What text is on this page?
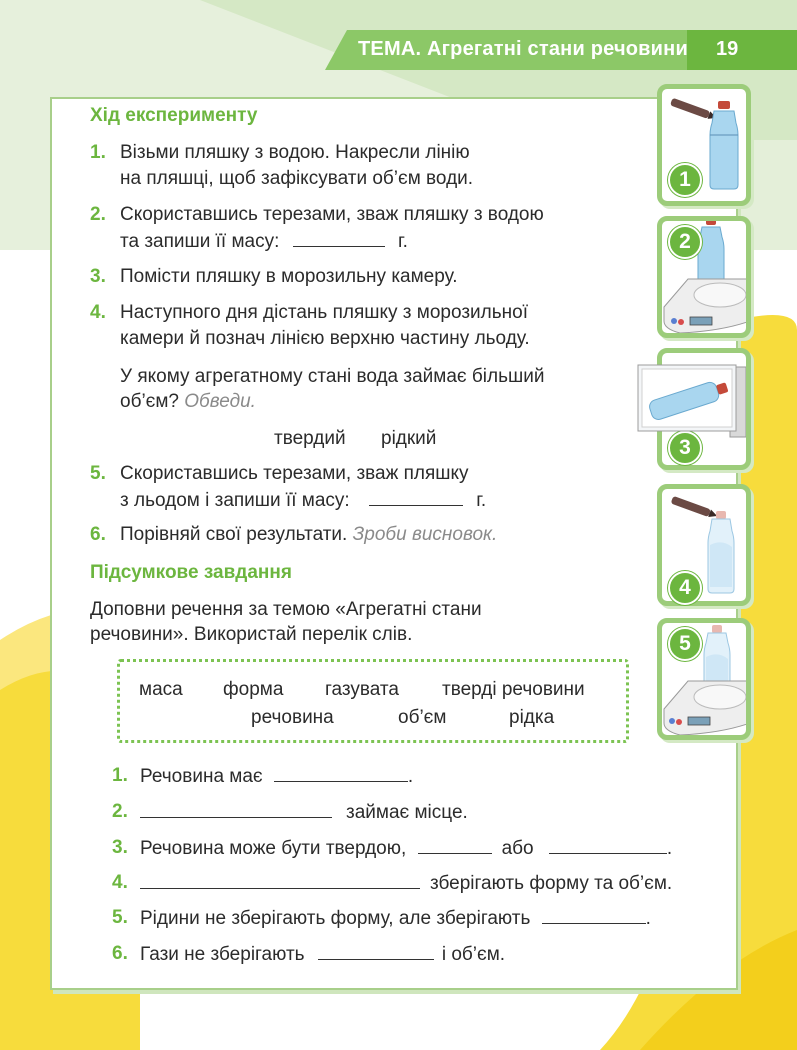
ТЕМА. Агрегатні стани речовини 19
Хід експерименту
1. Візьми пляшку з водою. Накресли лінію
на пляшці, щоб зафіксувати об’єм води.
2. Скориставшись терезами, зваж пляшку з водою
та запиши її масу:	г.
3. Помісти пляшку в морозильну камеру.
4. Наступного дня дістань пляшку з морозильної
камери й познач лінією верхню частину льоду.
У якому агрегатному стані вода займає більший
об’єм? Обведи.
твердий рідкий
5. Скориставшись терезами, зваж пляшку
з льодом і запиши її масу:	г.
6. Порівняй свої результати. Зроби висновок.
Підсумкове завдання
Доповни речення за темою «Агрегатні стани
речовини». Використай перелік слів.
маса форма газувата тверді речовини
речовина	об’єм	рідка
1. Речовина має	.
2.	займає місце.
3. Речовина може бути твердою,	або	.
4.	зберігають форму та об’єм.
5. Рідини не зберігають форму, але зберігають	.
6. Гази не зберігають	і об’єм.
1
2
3
4
5
